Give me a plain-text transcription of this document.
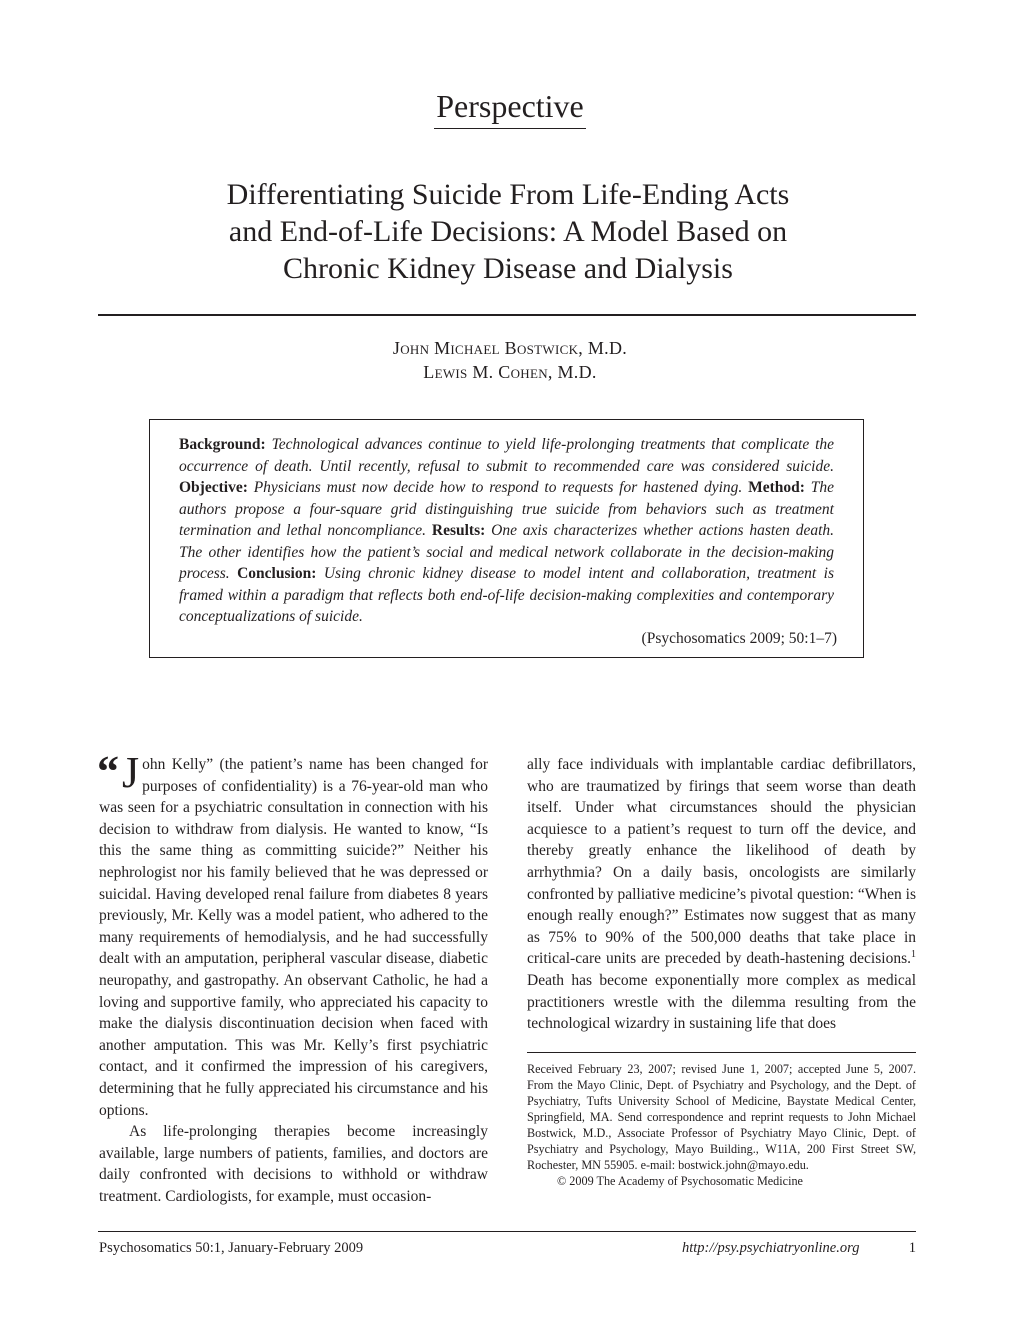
Perspective
Differentiating Suicide From Life-Ending Acts
and End-of-Life Decisions: A Model Based on
Chronic Kidney Disease and Dialysis
John Michael Bostwick, M.D.
Lewis M. Cohen, M.D.
Background: Technological advances continue to yield life-prolonging treatments that complicate the occurrence of death. Until recently, refusal to submit to recommended care was considered suicide. Objective: Physicians must now decide how to respond to requests for hastened dying. Method: The authors propose a four-square grid distinguishing true suicide from behaviors such as treatment termination and lethal noncompliance. Results: One axis characterizes whether actions hasten death. The other identifies how the patient’s social and medical network collaborate in the decision-making process. Conclusion: Using chronic kidney disease to model intent and collaboration, treatment is framed within a paradigm that reflects both end-of-life decision-making complexities and contemporary conceptualizations of suicide.
(Psychosomatics 2009; 50:1–7)

“ J ohn Kelly” (the patient’s name has been changed for purposes of confidentiality) is a 76-year-old man who was seen for a psychiatric consultation in connection with his decision to withdraw from dialysis. He wanted to know, “Is this the same thing as committing suicide?” Neither his nephrologist nor his family believed that he was depressed or suicidal. Having developed renal failure from diabetes 8 years previously, Mr. Kelly was a model patient, who adhered to the many requirements of hemodialysis, and he had successfully dealt with an amputation, peripheral vascular disease, diabetic neuropathy, and gastropathy. An observant Catholic, he had a loving and supportive family, who appreciated his capacity to make the dialysis discontinuation decision when faced with another amputation. This was Mr. Kelly’s first psychiatric contact, and it confirmed the impression of his caregivers, determining that he fully appreciated his circumstance and his options.

As life-prolonging therapies become increasingly available, large numbers of patients, families, and doctors are daily confronted with decisions to withhold or withdraw treatment. Cardiologists, for example, must occasion-

ally face individuals with implantable cardiac defibrillators, who are traumatized by firings that seem worse than death itself. Under what circumstances should the physician acquiesce to a patient’s request to turn off the device, and thereby greatly enhance the likelihood of death by arrhythmia? On a daily basis, oncologists are similarly confronted by palliative medicine’s pivotal question: “When is enough really enough?” Estimates now suggest that as many as 75% to 90% of the 500,000 deaths that take place in critical-care units are preceded by death-hastening decisions.$^1$ Death has become exponentially more complex as medical practitioners wrestle with the dilemma resulting from the technological wizardry in sustaining life that does

Received February 23, 2007; revised June 1, 2007; accepted June 5, 2007. From the Mayo Clinic, Dept. of Psychiatry and Psychology, and the Dept. of Psychiatry, Tufts University School of Medicine, Baystate Medical Center, Springfield, MA. Send correspondence and reprint requests to John Michael Bostwick, M.D., Associate Professor of Psychiatry Mayo Clinic, Dept. of Psychiatry and Psychology, Mayo Building., W11A, 200 First Street SW, Rochester, MN 55905. e-mail: bostwick.john@mayo.edu.

© 2009 The Academy of Psychosomatic Medicine

Psychosomatics 50:1, January-February 2009	http://psy.psychiatryonline.org	1
